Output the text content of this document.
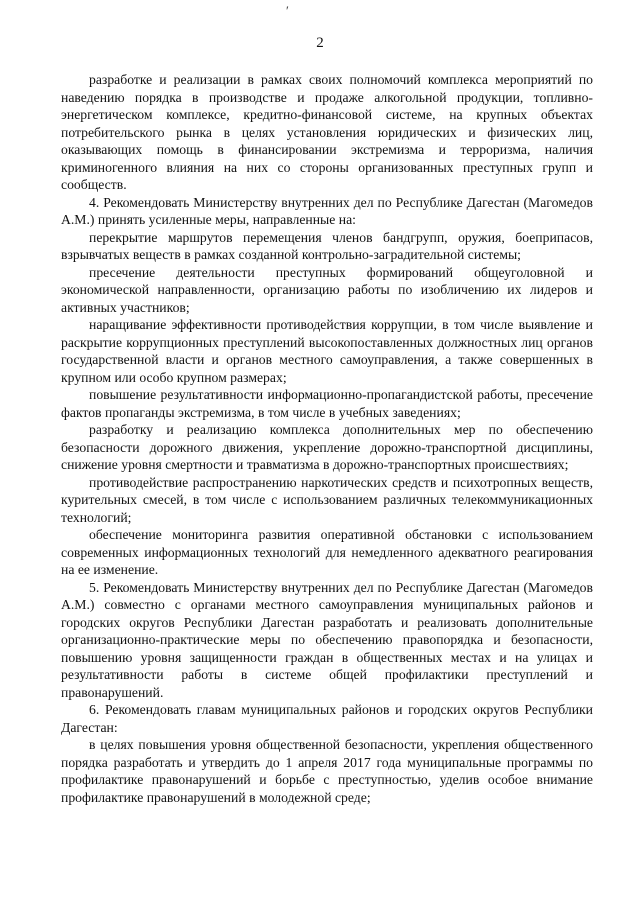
ʹ
2

разработке и реализации в рамках своих полномочий комплекса мероприятий по наведению порядка в производстве и продаже алкогольной продукции, топливно-энергетическом комплексе, кредитно-финансовой системе, на крупных объектах потребительского рынка в целях установления юридических и физических лиц, оказывающих помощь в финансировании экстремизма и терроризма, наличия криминогенного влияния на них со стороны организованных преступных групп и сообществ.

4. Рекомендовать Министерству внутренних дел по Республике Дагестан (Магомедов А.М.) принять усиленные меры, направленные на:

перекрытие маршрутов перемещения членов бандгрупп, оружия, боеприпасов, взрывчатых веществ в рамках созданной контрольно-заградительной системы;

пресечение деятельности преступных формирований общеуголовной и экономической направленности, организацию работы по изобличению их лидеров и активных участников;

наращивание эффективности противодействия коррупции, в том числе выявление и раскрытие коррупционных преступлений высокопоставленных должностных лиц органов государственной власти и органов местного самоуправления, а также совершенных в крупном или особо крупном размерах;

повышение результативности информационно-пропагандистской работы, пресечение фактов пропаганды экстремизма, в том числе в учебных заведениях;

разработку и реализацию комплекса дополнительных мер по обеспечению безопасности дорожного движения, укрепление дорожно-транспортной дисциплины, снижение уровня смертности и травматизма в дорожно-транспортных происшествиях;

противодействие распространению наркотических средств и психотропных веществ, курительных смесей, в том числе с использованием различных телекоммуникационных технологий;

обеспечение мониторинга развития оперативной обстановки с использованием современных информационных технологий для немедленного адекватного реагирования на ее изменение.

5. Рекомендовать Министерству внутренних дел по Республике Дагестан (Магомедов А.М.) совместно с органами местного самоуправления муниципальных районов и городских округов Республики Дагестан разработать и реализовать дополнительные организационно-практические меры по обеспечению правопорядка и безопасности, повышению уровня защищенности граждан в общественных местах и на улицах и результативности работы в системе общей профилактики преступлений и правонарушений.

6. Рекомендовать главам муниципальных районов и городских округов Республики Дагестан:

в целях повышения уровня общественной безопасности, укрепления общественного порядка разработать и утвердить до 1 апреля 2017 года муниципальные программы по профилактике правонарушений и борьбе с преступностью, уделив особое внимание профилактике правонарушений в молодежной среде;
